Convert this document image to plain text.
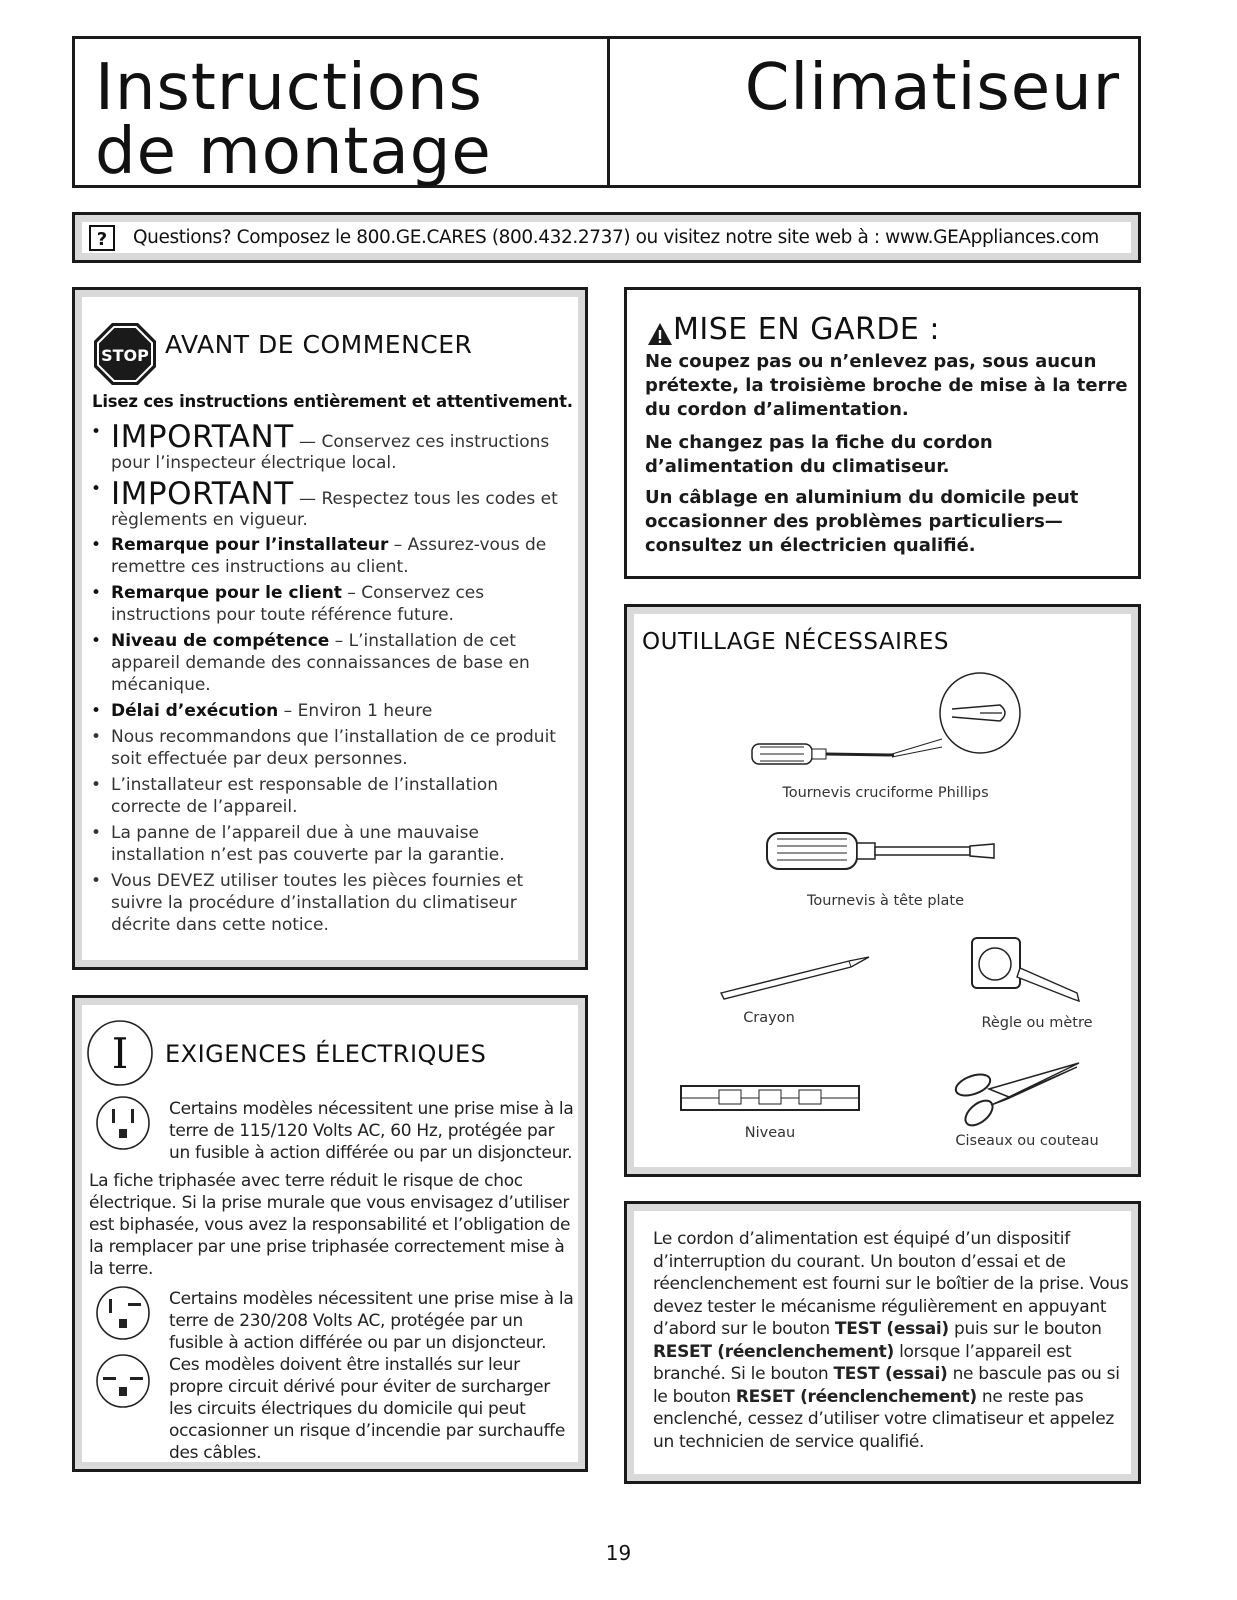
Instructions
de montage
Climatiseur
?	Questions? Composez le 800.GE.CARES (800.432.2737) ou visitez notre site web à : www.GEAppliances.com
STOP AVANT DE COMMENCER
Lisez ces instructions entièrement et attentivement.
• IMPORTANT — Conservez ces instructions pour l’inspecteur électrique local.
• IMPORTANT — Respectez tous les codes et règlements en vigueur.
• Remarque pour l’installateur – Assurez-vous de remettre ces instructions au client.
• Remarque pour le client – Conservez ces instructions pour toute référence future.
• Niveau de compétence – L’installation de cet appareil demande des connaissances de base en mécanique.
• Délai d’exécution – Environ 1 heure
• Nous recommandons que l’installation de ce produit soit effectuée par deux personnes.
• L’installateur est responsable de l’installation correcte de l’appareil.
• La panne de l’appareil due à une mauvaise installation n’est pas couverte par la garantie.
• Vous DEVEZ utiliser toutes les pièces fournies et suivre la procédure d’installation du climatiseur décrite dans cette notice.
MISE EN GARDE :
Ne coupez pas ou n’enlevez pas, sous aucun prétexte, la troisième broche de mise à la terre du cordon d’alimentation.
Ne changez pas la fiche du cordon d’alimentation du climatiseur.
Un câblage en aluminium du domicile peut occasionner des problèmes particuliers— consultez un électricien qualifié.
OUTILLAGE NÉCESSAIRES
Tournevis cruciforme Phillips
Tournevis à tête plate
Crayon	Règle ou mètre
Niveau	Ciseaux ou couteau
I EXIGENCES ÉLECTRIQUES
Certains modèles nécessitent une prise mise à la terre de 115/120 Volts AC, 60 Hz, protégée par un fusible à action différée ou par un disjoncteur.
La fiche triphasée avec terre réduit le risque de choc électrique. Si la prise murale que vous envisagez d’utiliser est biphasée, vous avez la responsabilité et l’obligation de la remplacer par une prise triphasée correctement mise à la terre.
Certains modèles nécessitent une prise mise à la terre de 230/208 Volts AC, protégée par un fusible à action différée ou par un disjoncteur. Ces modèles doivent être installés sur leur propre circuit dérivé pour éviter de surcharger les circuits électriques du domicile qui peut occasionner un risque d’incendie par surchauffe des câbles.
Le cordon d’alimentation est équipé d’un dispositif d’interruption du courant. Un bouton d’essai et de réenclenchement est fourni sur le boîtier de la prise. Vous devez tester le mécanisme régulièrement en appuyant d’abord sur le bouton TEST (essai) puis sur le bouton RESET (réenclenchement) lorsque l’appareil est branché. Si le bouton TEST (essai) ne bascule pas ou si le bouton RESET (réenclenchement) ne reste pas enclenché, cessez d’utiliser votre climatiseur et appelez un technicien de service qualifié.
19
